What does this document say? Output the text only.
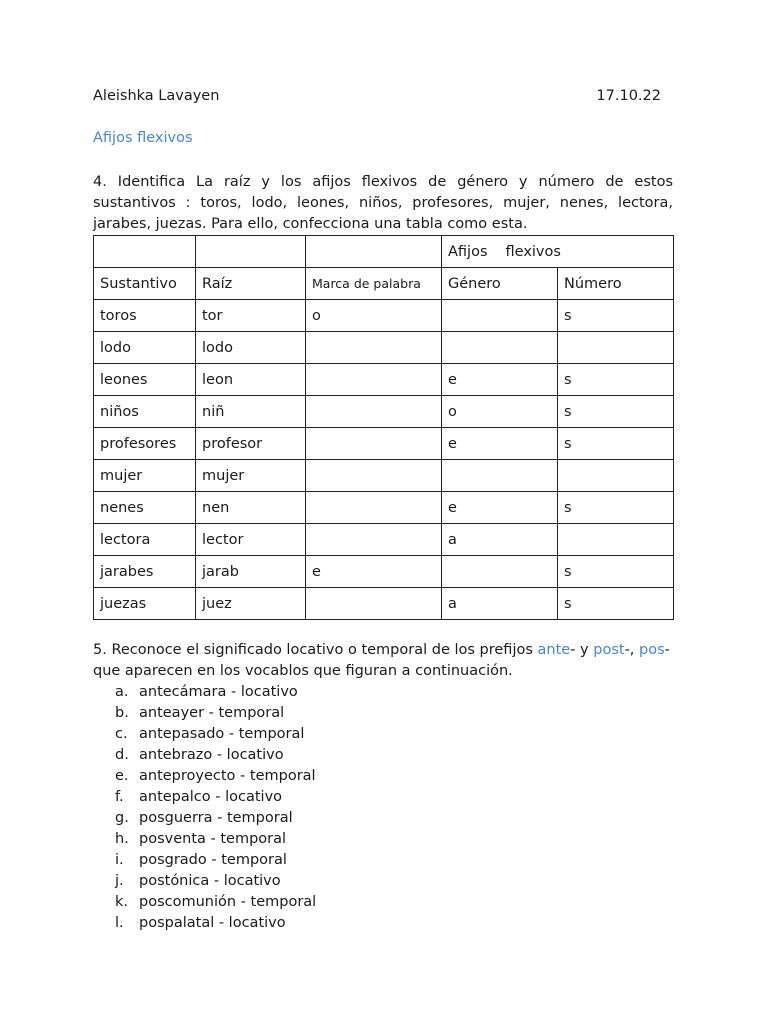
Aleishka Lavayen	17.10.22
Afijos flexivos

4. Identifica La raíz y los afijos flexivos de género y número de estos sustantivos : toros, lodo, leones, niños, profesores, mujer, nenes, lectora, jarabes, juezas. Para ello, confecciona una tabla como esta.

			Afijos flexivos	
Sustantivo	Raíz	Marca de palabra	Género	Número
toros	tor	o		s
lodo	lodo			
leones	leon		e	s
niños	niñ		o	s
profesores	profesor		e	s
mujer	mujer			
nenes	nen		e	s
lectora	lector		a	
jarabes	jarab	e		s
juezas	juez		a	s

5. Reconoce el significado locativo o temporal de los prefijos ante- y post-, pos- que aparecen en los vocablos que figuran a continuación.

a. antecámara - locativo
b. anteayer - temporal
c. antepasado - temporal
d. antebrazo - locativo
e. anteproyecto - temporal
f.	antepalco - locativo
g. posguerra - temporal
h. posventa - temporal
i.	posgrado - temporal
j.	postónica - locativo
k. poscomunión - temporal
l.	pospalatal - locativo
